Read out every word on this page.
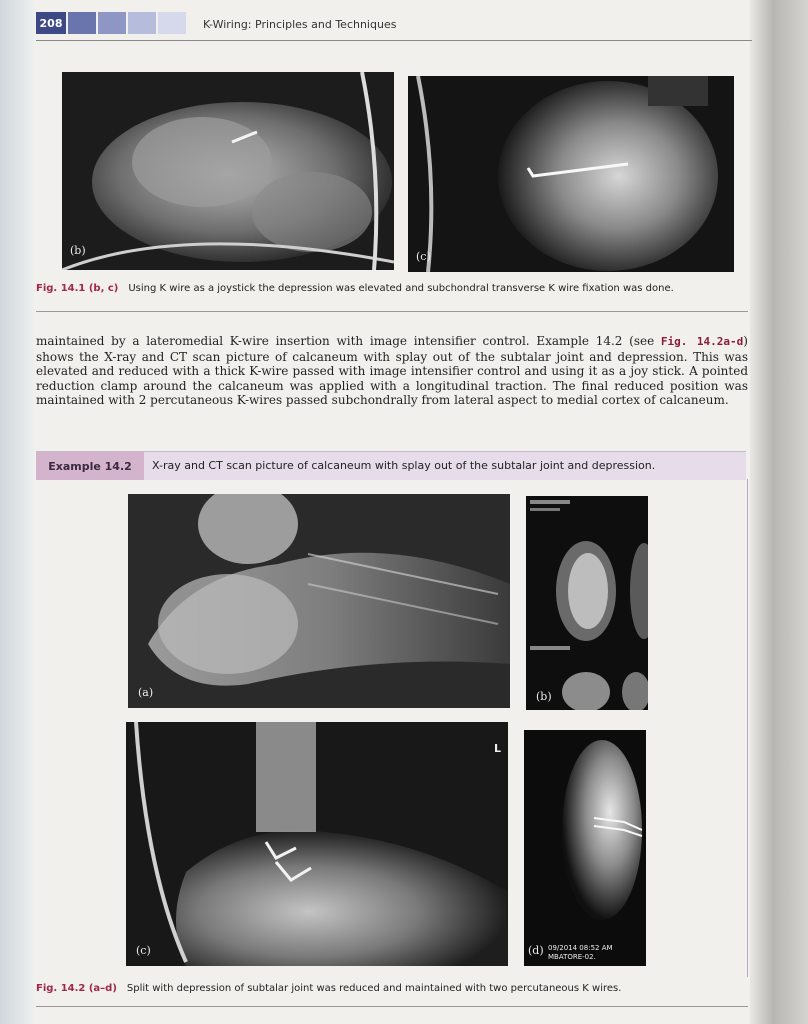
208	K-Wiring: Principles and Techniques
(b)	(c)
Fig. 14.1 (b, c) Using K wire as a joystick the depression was elevated and subchondral transverse K wire fixation was done.

maintained by a lateromedial K-wire insertion with image intensifier control. Example 14.2 (see Fig. 14.2a-d) shows the X-ray and CT scan picture of calcaneum with splay out of the subtalar joint and depression. This was elevated and reduced with a thick K-wire passed with image intensifier control and using it as a joy stick. A pointed reduction clamp around the calcaneum was applied with a longitudinal traction. The final reduced position was maintained with 2 percutaneous K-wires passed subchondrally from lateral aspect to medial cortex of calcaneum.

Example 14.2	X-ray and CT scan picture of calcaneum with splay out of the subtalar joint and depression.
(a)	(b)
L
(c)	(d) 09/2014 08:52 AM
MBATORE-02.
Fig. 14.2 (a–d) Split with depression of subtalar joint was reduced and maintained with two percutaneous K wires.
